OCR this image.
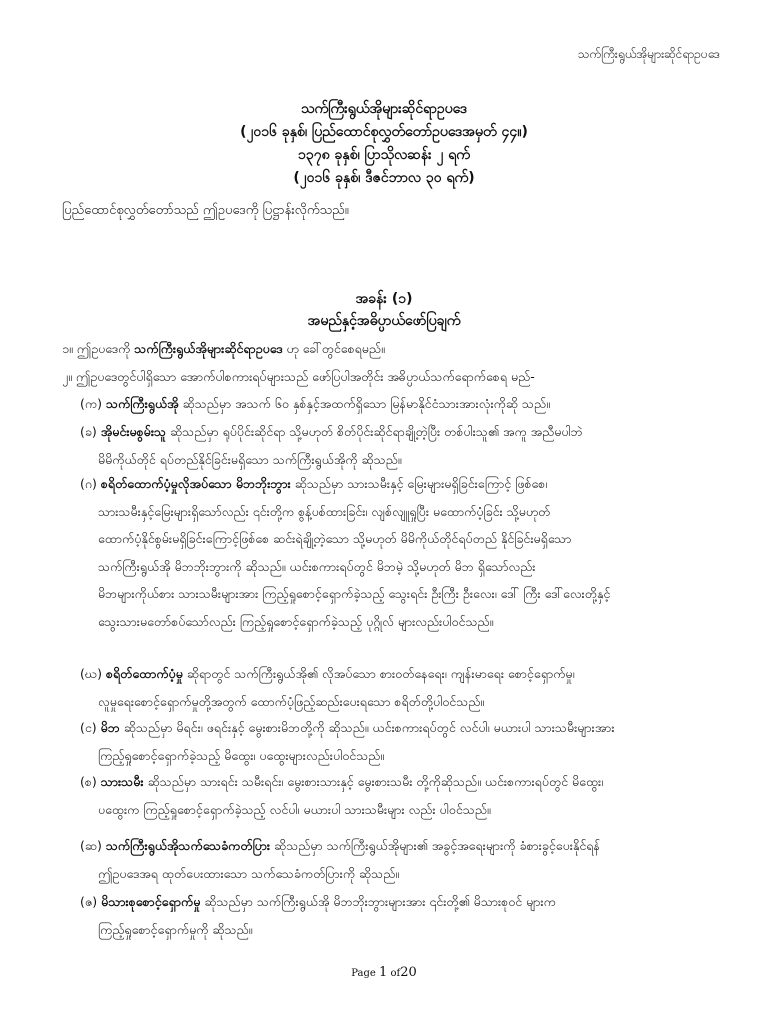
သက်ကြီးရွယ်အိုများဆိုင်ရာဥပဒေ
သက်ကြီးရွယ်အိုများဆိုင်ရာဥပဒေ
(၂၀၁၆ ခုနှစ်၊ ပြည်ထောင်စုလွှတ်တော်ဥပဒေအမှတ် ၄၄။)
၁၃၇၈ ခုနှစ်၊ ပြာသိုလဆန်း ၂ ရက်
(၂၀၁၆ ခုနှစ်၊ ဒီဇင်ဘာလ ၃၀ ရက်)
ပြည်ထောင်စုလွှတ်တော်သည် ဤဥပဒေကို ပြဋ္ဌာန်းလိုက်သည်။
အခန်း (၁)
အမည်နှင့်အဓိပ္ပာယ်ဖော်ပြချက်
၁။ ဤဥပဒေကို သက်ကြီးရွယ်အိုများဆိုင်ရာဥပဒေ ဟု ခေါ်တွင်စေရမည်။
၂။ ဤဥပဒေတွင်ပါရှိသော အောက်ပါစကားရပ်များသည် ဖော်ပြပါအတိုင်း အဓိပ္ပာယ်သက်ရောက်စေရ မည်-
(က) သက်ကြီးရွယ်အို ဆိုသည်မှာ အသက် ၆၀ နှစ်နှင့်အထက်ရှိသော မြန်မာနိုင်ငံသားအားလုံးကိုဆို သည်။
(ခ) အိုမင်းမစွမ်းသူ ဆိုသည်မှာ ရုပ်ပိုင်းဆိုင်ရာ သို့မဟုတ် စိတ်ပိုင်းဆိုင်ရာချို့တဲ့ပြီး တစ်ပါးသူ၏ အကူ အညီမပါဘဲ
မိမိကိုယ်တိုင် ရပ်တည်နိုင်ခြင်းမရှိသော သက်ကြီးရွယ်အိုကို ဆိုသည်။
(ဂ) စရိတ်ထောက်ပံ့မှုလိုအပ်သော မိဘဘိုးဘွား ဆိုသည်မှာ သားသမီးနှင့် မြေးများမရှိခြင်းကြောင့် ဖြစ်စေ၊
သားသမီးနှင့်မြေးများရှိသော်လည်း ၎င်းတို့က စွန့်ပစ်ထားခြင်း၊ လျစ်လျူရှုပြီး မထောက်ပံ့ခြင်း သို့မဟုတ်
ထောက်ပံ့နိုင်စွမ်းမရှိခြင်းကြောင့်ဖြစ်စေ ဆင်းရဲချို့တဲ့သော သို့မဟုတ် မိမိကိုယ်တိုင်ရပ်တည် နိုင်ခြင်းမရှိသော
သက်ကြီးရွယ်အို မိဘဘိုးဘွားကို ဆိုသည်။ ယင်းစကားရပ်တွင် မိဘမဲ့ သို့မဟုတ် မိဘ ရှိသော်လည်း
မိဘများကိုယ်စား သားသမီးများအား ကြည့်ရှုစောင့်ရှောက်ခဲ့သည့် သွေးရင်း ဦးကြီး ဦးလေး၊ ဒေါ် ကြီး ဒေါ်လေးတို့နှင့်
သွေးသားမတော်စပ်သော်လည်း ကြည့်ရှုစောင့်ရှောက်ခဲ့သည့် ပုဂ္ဂိုလ် များလည်းပါဝင်သည်။
(ဃ) စရိတ်ထောက်ပံ့မှု ဆိုရာတွင် သက်ကြီးရွယ်အို၏ လိုအပ်သော စားဝတ်နေရေး၊ ကျန်းမာရေး စောင့်ရှောက်မှု၊
လူမှုရေးစောင့်ရှောက်မှုတို့အတွက် ထောက်ပံ့ဖြည့်ဆည်းပေးရသော စရိတ်တို့ပါဝင်သည်။
(င) မိဘ ဆိုသည်မှာ မိရင်း၊ ဖရင်းနှင့် မွေးစားမိဘတို့ကို ဆိုသည်။ ယင်းစကားရပ်တွင် လင်ပါ၊ မယားပါ သားသမီးများအား
ကြည့်ရှုစောင့်ရှောက်ခဲ့သည့် မိထွေး၊ ပထွေးများလည်းပါဝင်သည်။
(စ) သားသမီး ဆိုသည်မှာ သားရင်း သမီးရင်း၊ မွေးစားသားနှင့် မွေးစားသမီး တို့ကိုဆိုသည်။ ယင်းစကားရပ်တွင် မိထွေး၊
ပထွေးက ကြည့်ရှုစောင့်ရှောက်ခဲ့သည့် လင်ပါ၊ မယားပါ သားသမီးများ လည်း ပါဝင်သည်။
(ဆ) သက်ကြီးရွယ်အိုသက်သေခံကတ်ပြား ဆိုသည်မှာ သက်ကြီးရွယ်အိုများ၏ အခွင့်အရေးများကို ခံစားခွင့်ပေးနိုင်ရန်
ဤဥပဒေအရ ထုတ်ပေးထားသော သက်သေခံကတ်ပြားကို ဆိုသည်။
(ဇ) မိသားစုစောင့်ရှောက်မှု ဆိုသည်မှာ သက်ကြီးရွယ်အို မိဘဘိုးဘွားများအား ၎င်းတို့၏ မိသားစုဝင် များက
ကြည့်ရှုစောင့်ရှောက်မှုကို ဆိုသည်။
Page 1 of20
